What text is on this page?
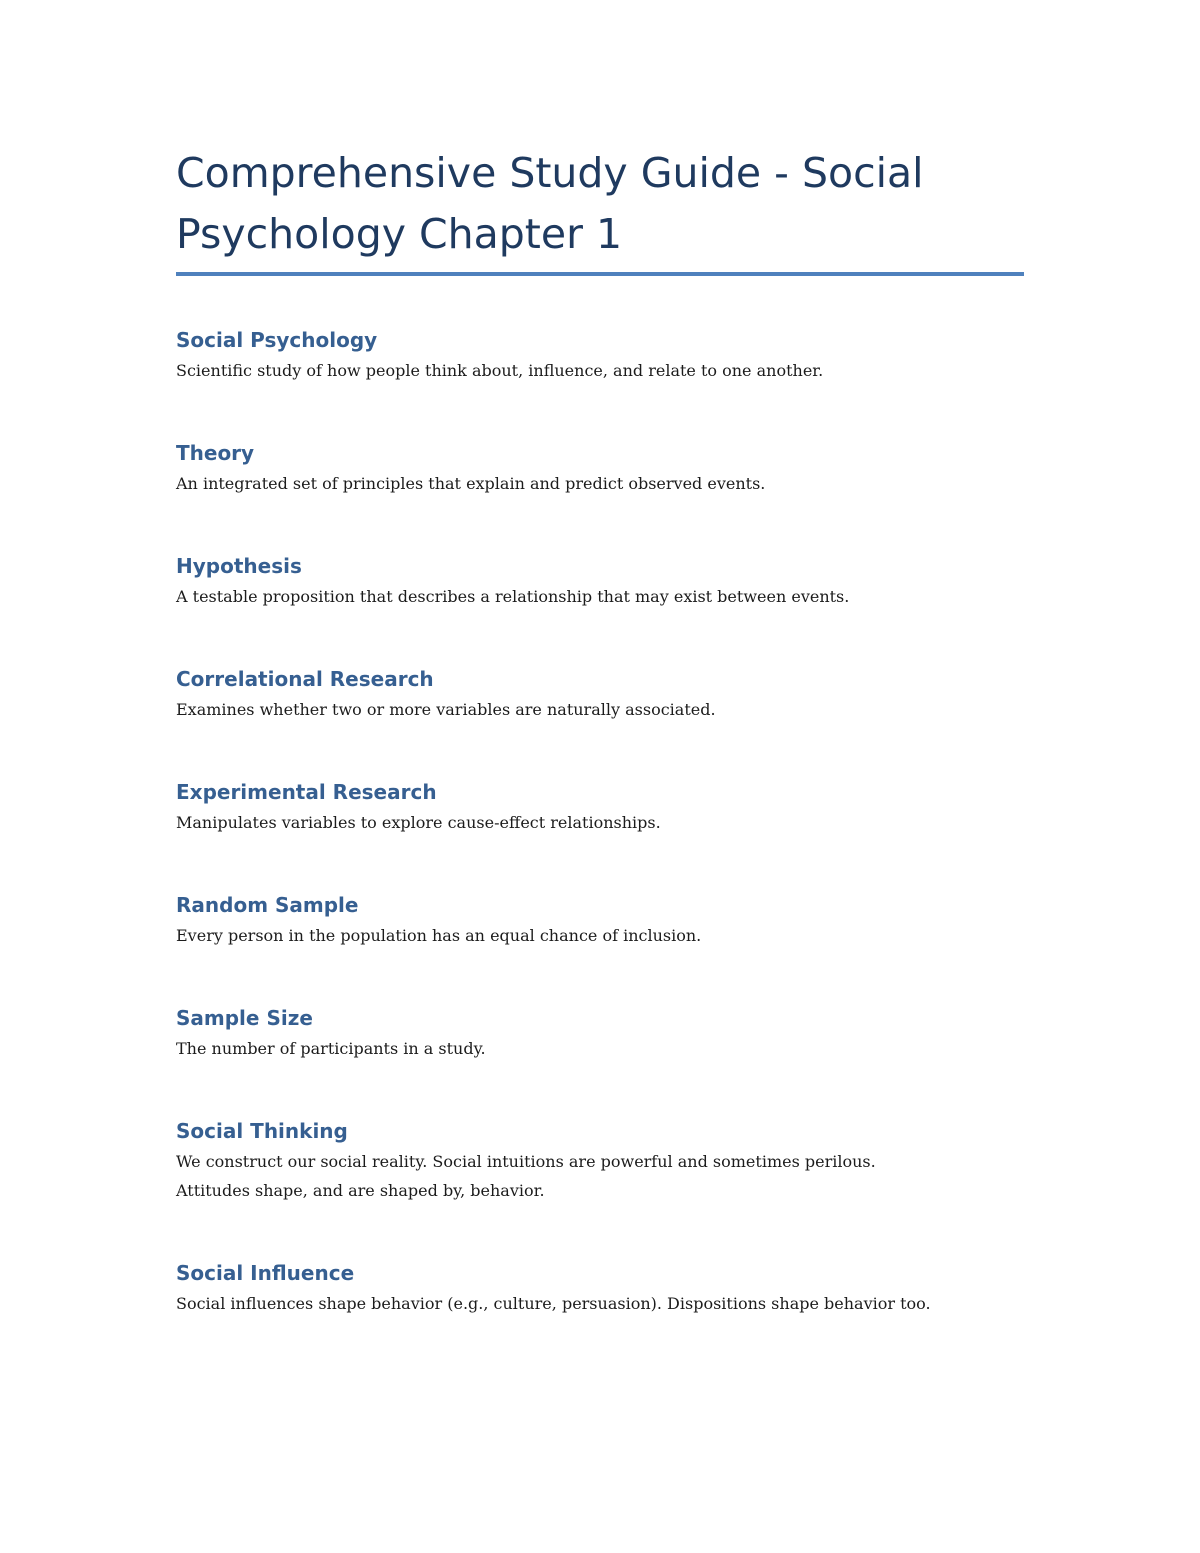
Comprehensive Study Guide - Social
Psychology Chapter 1
Social Psychology

Scientific study of how people think about, influence, and relate to one another.

Theory

An integrated set of principles that explain and predict observed events.

Hypothesis

A testable proposition that describes a relationship that may exist between events.

Correlational Research

Examines whether two or more variables are naturally associated.

Experimental Research

Manipulates variables to explore cause-effect relationships.

Random Sample

Every person in the population has an equal chance of inclusion.

Sample Size

The number of participants in a study.

Social Thinking

We construct our social reality. Social intuitions are powerful and sometimes perilous.
Attitudes shape, and are shaped by, behavior.

Social Influence

Social influences shape behavior (e.g., culture, persuasion). Dispositions shape behavior too.
